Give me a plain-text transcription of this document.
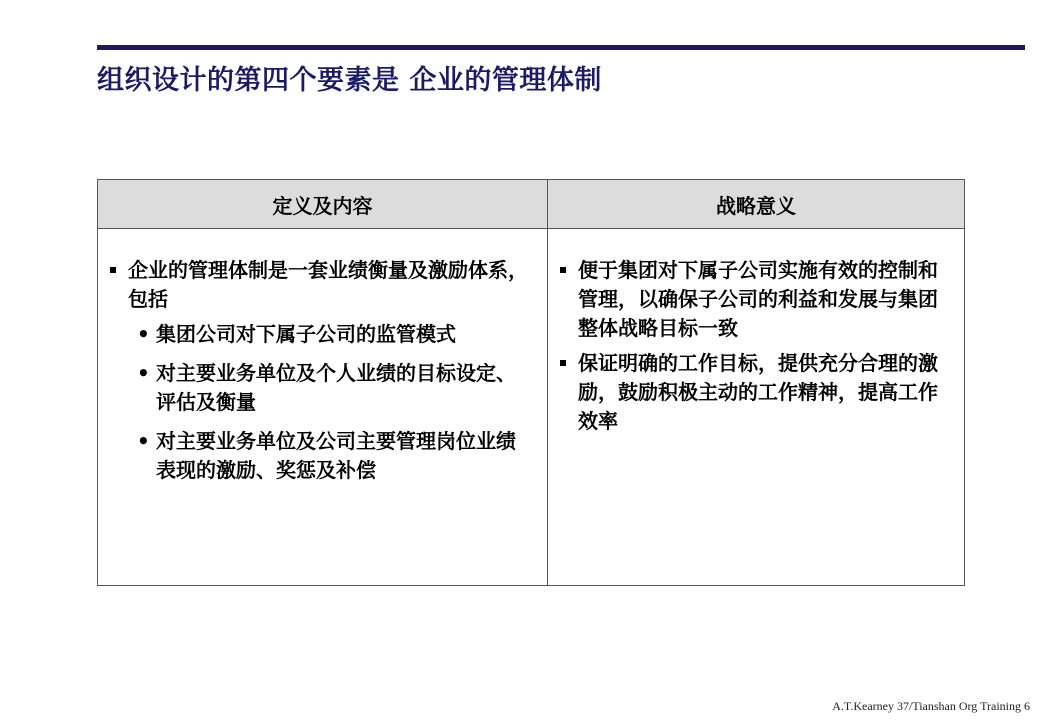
组织设计的第四个要素是 企业的管理体制
定义及内容	战略意义
企业的管理体制是一套业绩衡量及激励体系，包括
• 集团公司对下属子公司的监管模式
• 对主要业务单位及个人业绩的目标设定、评估及衡量
• 对主要业务单位及公司主要管理岗位业绩表现的激励、奖惩及补偿
便于集团对下属子公司实施有效的控制和管理，以确保子公司的利益和发展与集团整体战略目标一致
保证明确的工作目标，提供充分合理的激励，鼓励积极主动的工作精神，提高工作效率
A.T.Kearney 37/Tianshan Org Training 6
